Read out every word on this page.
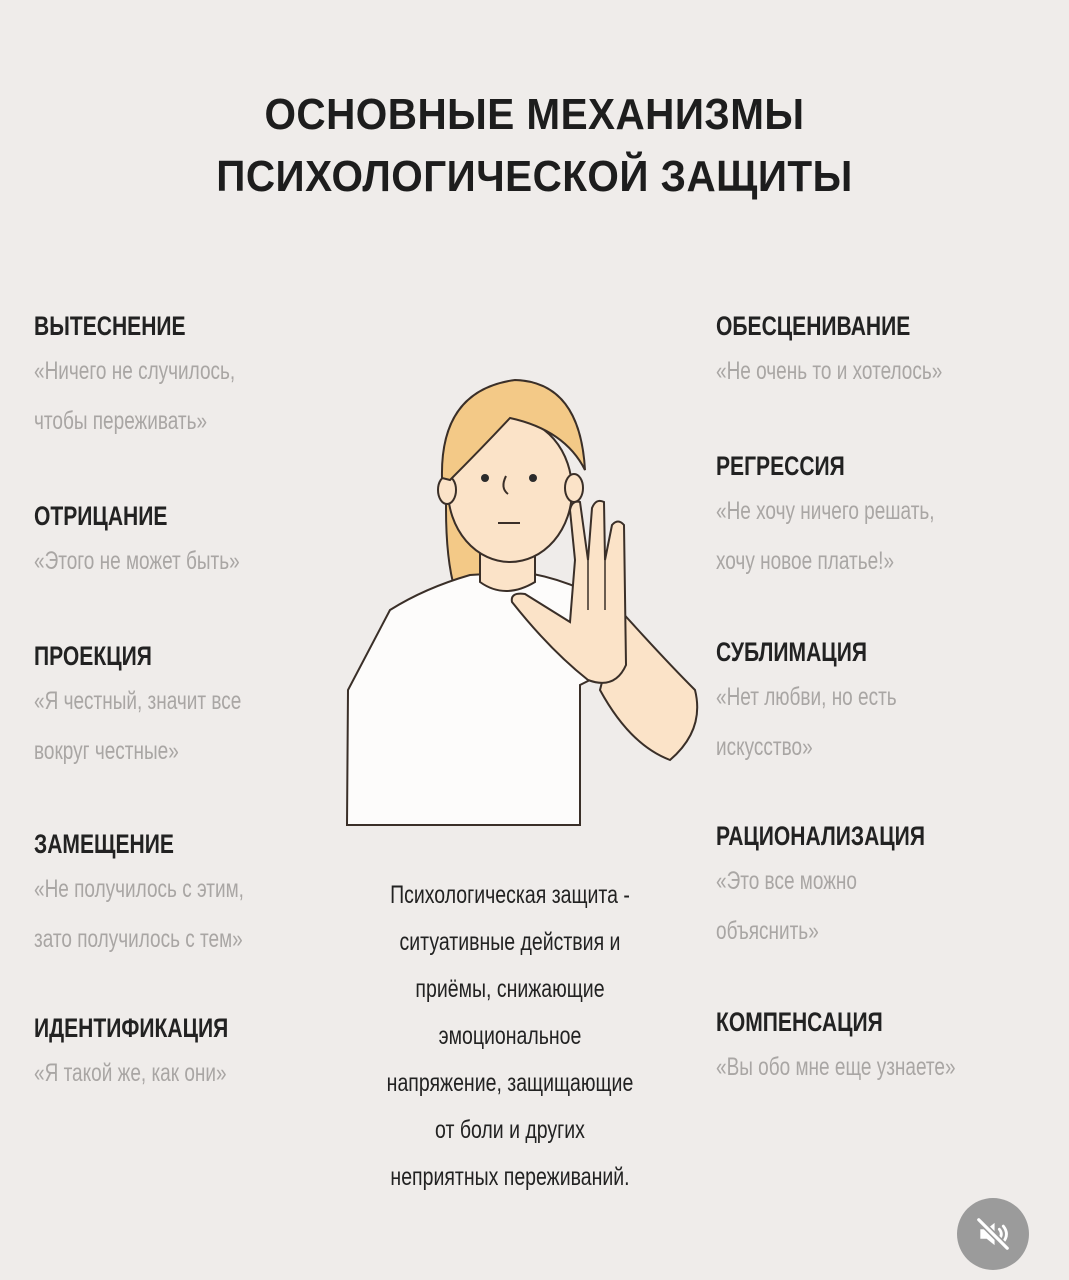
ОСНОВНЫЕ МЕХАНИЗМЫ
ПСИХОЛОГИЧЕСКОЙ ЗАЩИТЫ
ВЫТЕСНЕНИЕ
«Ничего не случилось,
чтобы переживать»
ОТРИЦАНИЕ
«Этого не может быть»
ПРОЕКЦИЯ
«Я честный, значит все
вокруг честные»
ЗАМЕЩЕНИЕ
«Не получилось с этим,
зато получилось с тем»
ИДЕНТИФИКАЦИЯ
«Я такой же, как они»
ОБЕСЦЕНИВАНИЕ
«Не очень то и хотелось»
РЕГРЕССИЯ
«Не хочу ничего решать,
хочу новое платье!»
СУБЛИМАЦИЯ
«Нет любви, но есть
искусство»
РАЦИОНАЛИЗАЦИЯ
«Это все можно
объяснить»
КОМПЕНСАЦИЯ
«Вы обо мне еще узнаете»
Психологическая защита -
ситуативные действия и
приёмы, снижающие
эмоциональное
напряжение, защищающие
от боли и других
неприятных переживаний.
